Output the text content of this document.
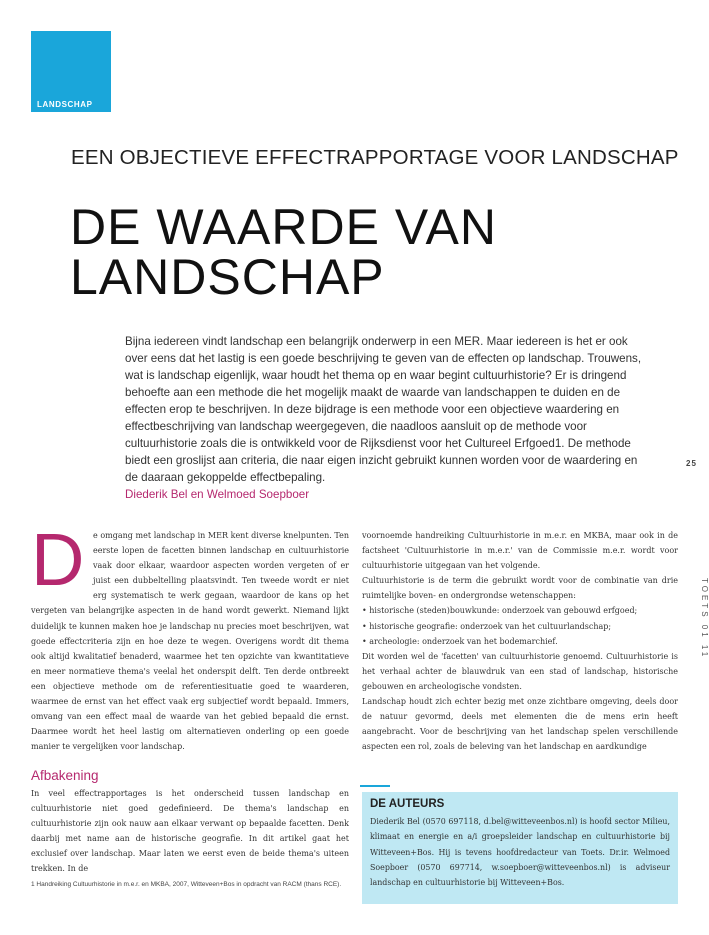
LANDSCHAP
EEN OBJECTIEVE EFFECTRAPPORTAGE VOOR LANDSCHAP
DE WAARDE VAN
LANDSCHAP
Bijna iedereen vindt landschap een belangrijk onderwerp in een MER. Maar iedereen is het er ook over eens dat het lastig is een goede beschrijving te geven van de effecten op landschap. Trouwens, wat is landschap eigenlijk, waar houdt het thema op en waar begint cultuurhistorie? Er is dringend behoefte aan een methode die het mogelijk maakt de waarde van landschappen te duiden en de effecten erop te beschrijven. In deze bijdrage is een methode voor een objectieve waardering en effectbeschrijving van landschap weergegeven, die naadloos aansluit op de methode voor cultuurhistorie zoals die is ontwikkeld voor de Rijksdienst voor het Cultureel Erfgoed1. De methode biedt een groslijst aan criteria, die naar eigen inzicht gebruikt kunnen worden voor de waardering en de daaraan gekoppelde effectbepaling.
Diederik Bel en Welmoed Soepboer
25
TOETS 01 11
D	e omgang met landschap in MER kent diverse knelpunten. Ten eerste lopen de facetten binnen landschap en cultuurhistorie vaak door elkaar, waardoor aspecten worden vergeten of er juist een dubbeltelling plaatsvindt. Ten tweede wordt er niet erg systematisch te werk gegaan, waardoor de kans op het vergeten van belangrijke aspecten in de hand wordt gewerkt. Niemand lijkt duidelijk te kunnen maken hoe je landschap nu precies moet beschrijven, wat goede effectcriteria zijn en hoe deze te wegen. Overigens wordt dit thema ook altijd kwalitatief benaderd, waarmee het ten opzichte van kwantitatieve en meer normatieve thema's veelal het onderspit delft. Ten derde ontbreekt een objectieve methode om de referentiesituatie goed te waarderen, waarmee de ernst van het effect vaak erg subjectief wordt bepaald. Immers, omvang van een effect maal de waarde van het gebied bepaald die ernst. Daarmee wordt het heel lastig om alternatieven onderling op een goede manier te vergelijken voor landschap.

Afbakening

In veel effectrapportages is het onderscheid tussen landschap en cultuurhistorie niet goed gedefinieerd. De thema's landschap en cultuurhistorie zijn ook nauw aan elkaar verwant op bepaalde facetten. Denk daarbij met name aan de historische geografie. In dit artikel gaat het exclusief over landschap. Maar laten we eerst even de beide thema's uiteen trekken. In de

1 Handreiking Cultuurhistorie in m.e.r. en MKBA, 2007, Witteveen+Bos in opdracht van RACM (thans RCE).

voornoemde handreiking Cultuurhistorie in m.e.r. en MKBA, maar ook in de factsheet 'Cultuurhistorie in m.e.r.' van de Commissie m.e.r. wordt voor cultuurhistorie uitgegaan van het volgende.

Cultuurhistorie is de term die gebruikt wordt voor de combinatie van drie ruimtelijke boven- en ondergrondse wetenschappen:

• historische (steden)bouwkunde: onderzoek van gebouwd erfgoed;
• historische geografie: onderzoek van het cultuurlandschap;
• archeologie: onderzoek van het bodemarchief.

Dit worden wel de 'facetten' van cultuurhistorie genoemd. Cultuurhistorie is het verhaal achter de blauwdruk van een stad of landschap, historische gebouwen en archeologische vondsten.

Landschap houdt zich echter bezig met onze zichtbare omgeving, deels door de natuur gevormd, deels met elementen die de mens erin heeft aangebracht. Voor de beschrijving van het landschap spelen verschillende aspecten een rol, zoals de beleving van het landschap en aardkundige

DE AUTEURS

Diederik Bel (0570 697118, d.bel@witteveenbos.nl) is hoofd sector Milieu, klimaat en energie en a/i groepsleider landschap en cultuurhistorie bij Witteveen+Bos. Hij is tevens hoofdredacteur van Toets. Dr.ir. Welmoed Soepboer (0570 697714, w.soepboer@witteveenbos.nl) is adviseur landschap en cultuurhistorie bij Witteveen+Bos.
